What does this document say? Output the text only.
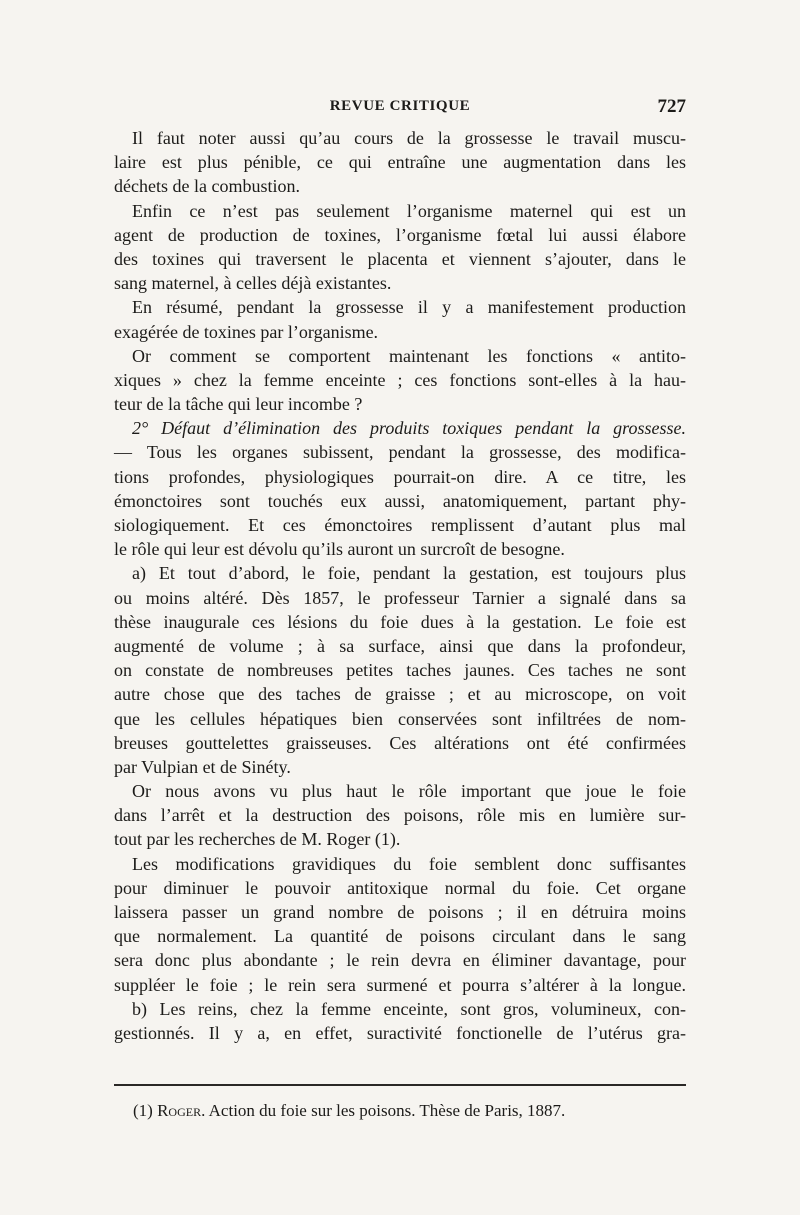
REVUE CRITIQUE	727
Il faut noter aussi qu’au cours de la grossesse le travail muscu-
laire est plus pénible, ce qui entraîne une augmentation dans les
déchets de la combustion.
Enfin ce n’est pas seulement l’organisme maternel qui est un
agent de production de toxines, l’organisme fœtal lui aussi élabore
des toxines qui traversent le placenta et viennent s’ajouter, dans le
sang maternel, à celles déjà existantes.
En résumé, pendant la grossesse il y a manifestement production
exagérée de toxines par l’organisme.
Or comment se comportent maintenant les fonctions « antito-
xiques » chez la femme enceinte ; ces fonctions sont-elles à la hau-
teur de la tâche qui leur incombe ?
2° Défaut d’élimination des produits toxiques pendant la grossesse.
— Tous les organes subissent, pendant la grossesse, des modifica-
tions profondes, physiologiques pourrait-on dire. A ce titre, les
émonctoires sont touchés eux aussi, anatomiquement, partant phy-
siologiquement. Et ces émonctoires remplissent d’autant plus mal
le rôle qui leur est dévolu qu’ils auront un surcroît de besogne.
a) Et tout d’abord, le foie, pendant la gestation, est toujours plus
ou moins altéré. Dès 1857, le professeur Tarnier a signalé dans sa
thèse inaugurale ces lésions du foie dues à la gestation. Le foie est
augmenté de volume ; à sa surface, ainsi que dans la profondeur,
on constate de nombreuses petites taches jaunes. Ces taches ne sont
autre chose que des taches de graisse ; et au microscope, on voit
que les cellules hépatiques bien conservées sont infiltrées de nom-
breuses gouttelettes graisseuses. Ces altérations ont été confirmées
par Vulpian et de Sinéty.
Or nous avons vu plus haut le rôle important que joue le foie
dans l’arrêt et la destruction des poisons, rôle mis en lumière sur-
tout par les recherches de M. Roger (1).
Les modifications gravidiques du foie semblent donc suffisantes
pour diminuer le pouvoir antitoxique normal du foie. Cet organe
laissera passer un grand nombre de poisons ; il en détruira moins
que normalement. La quantité de poisons circulant dans le sang
sera donc plus abondante ; le rein devra en éliminer davantage, pour
suppléer le foie ; le rein sera surmené et pourra s’altérer à la longue.
b) Les reins, chez la femme enceinte, sont gros, volumineux, con-
gestionnés. Il y a, en effet, suractivité fonctionelle de l’utérus gra-
(1) Roger. Action du foie sur les poisons. Thèse de Paris, 1887.
